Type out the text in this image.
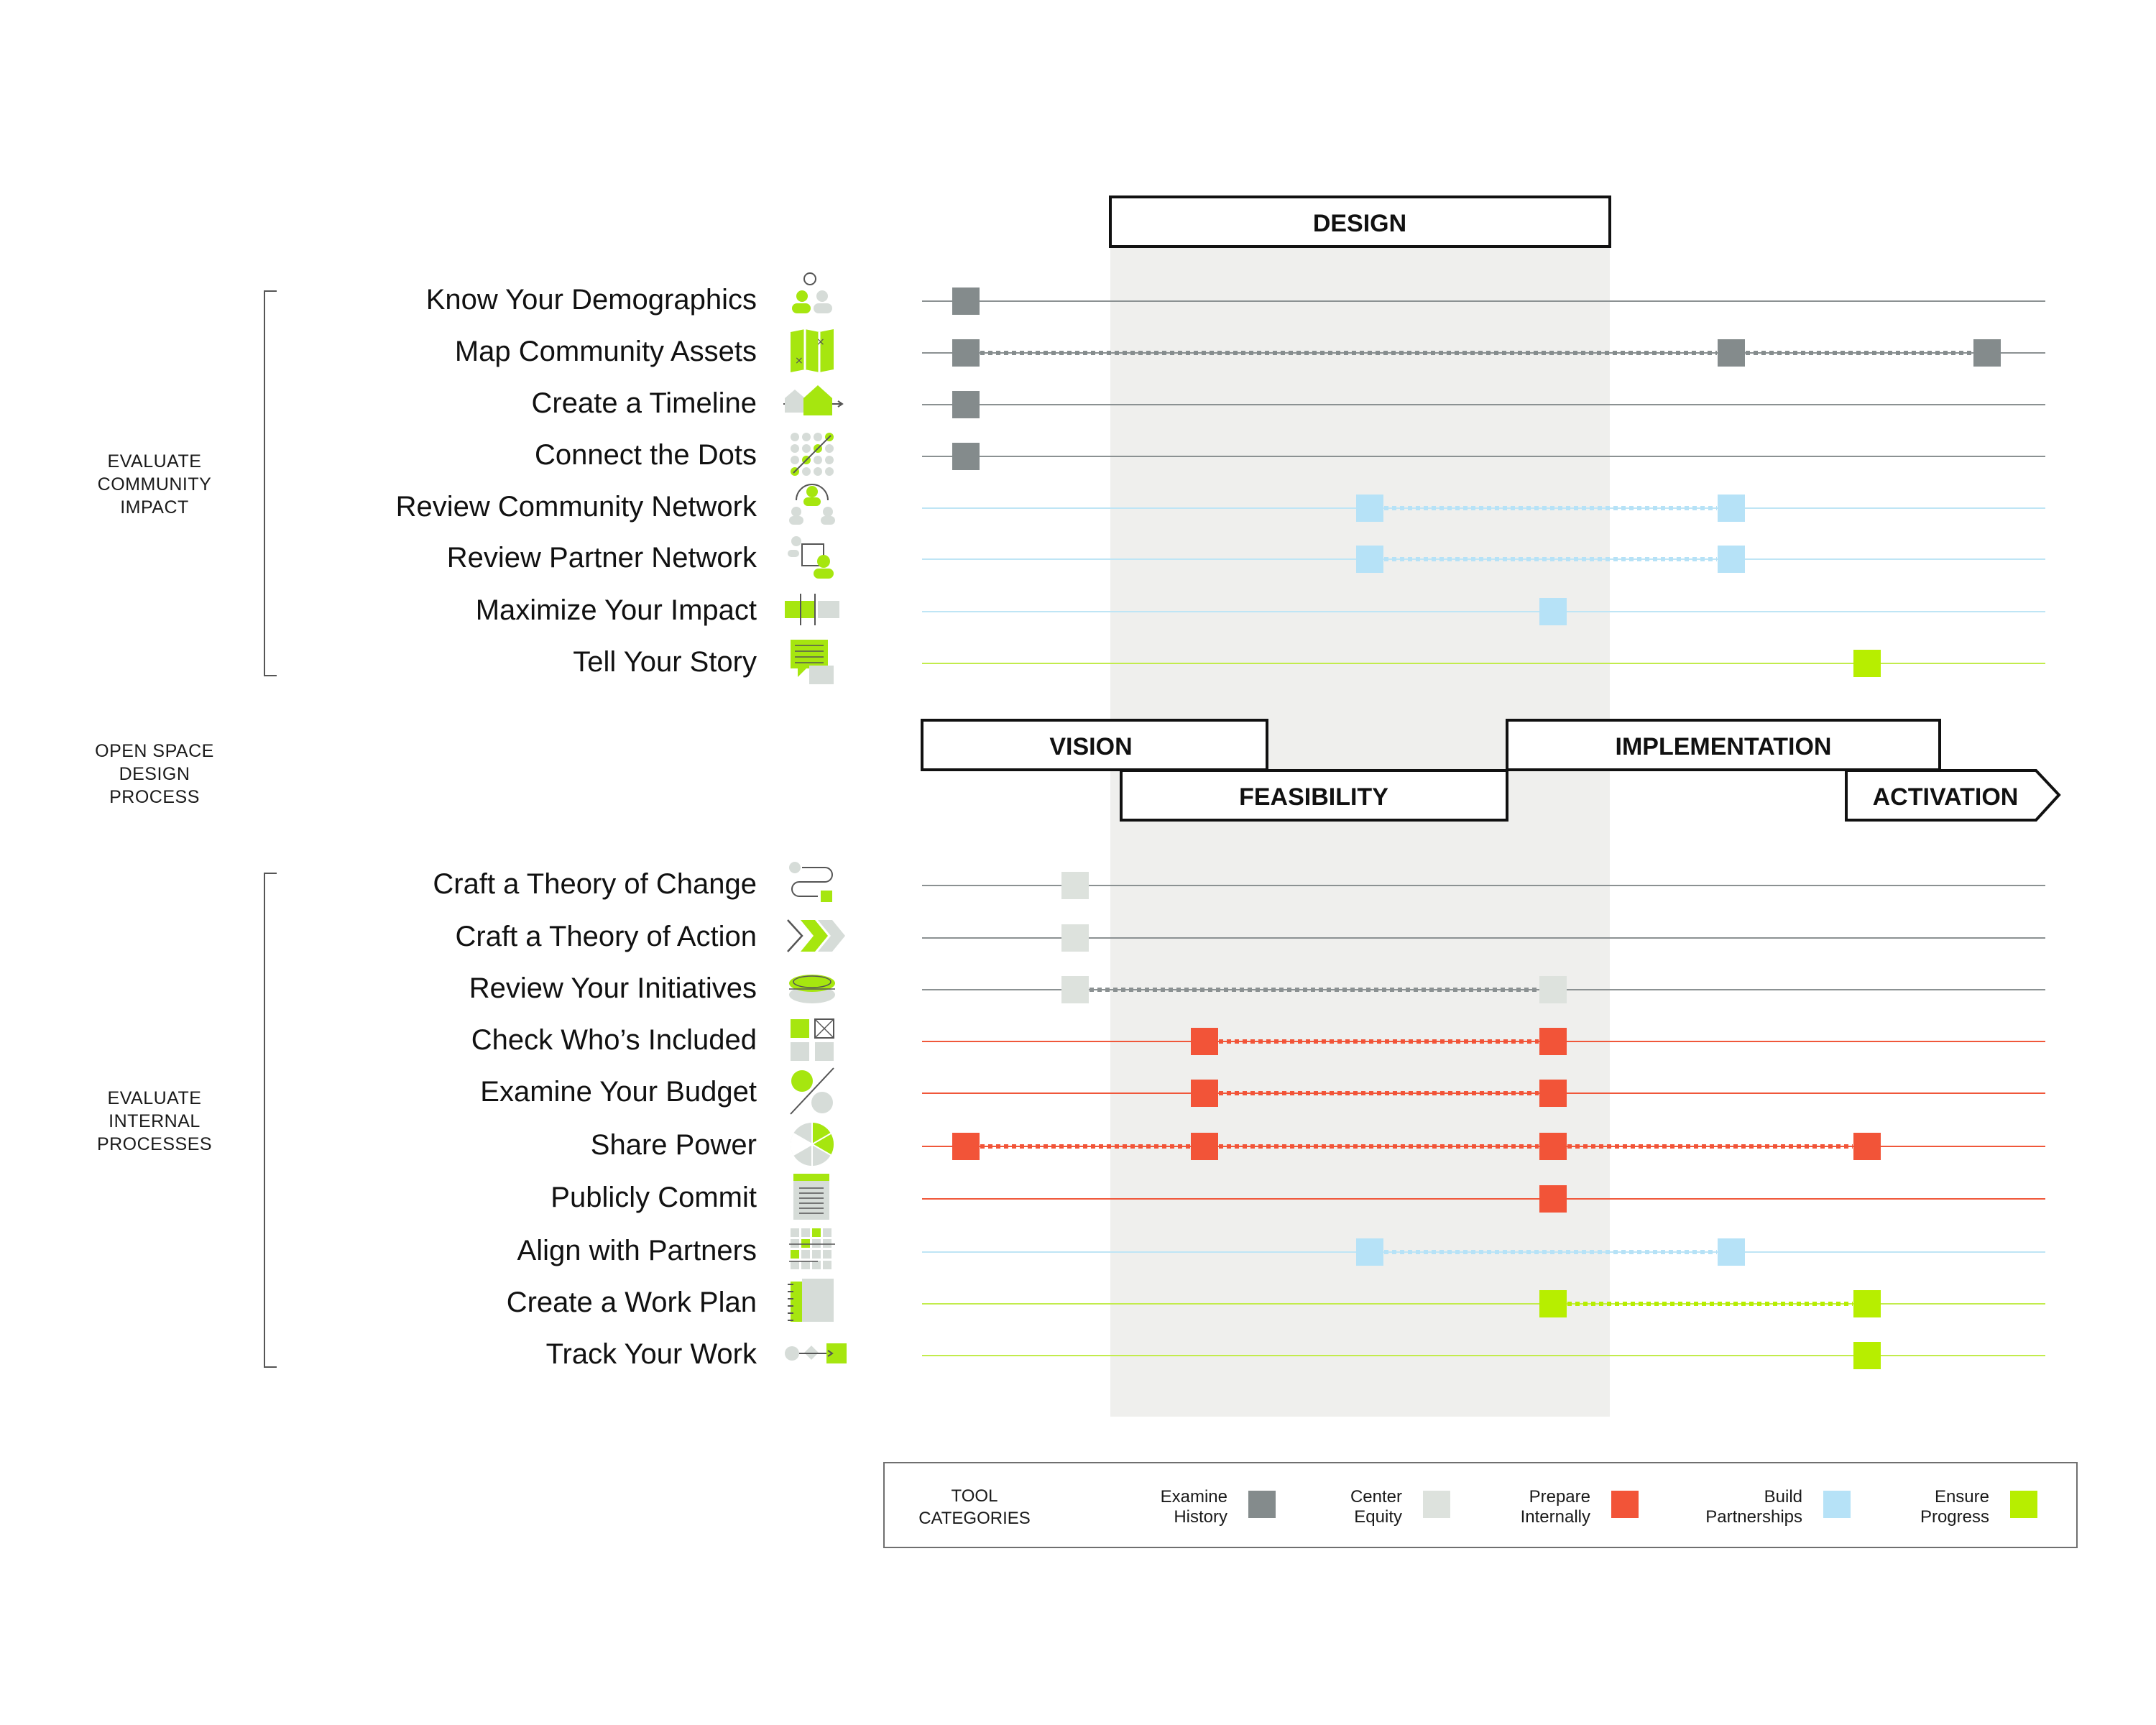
×
×
DESIGN
FEASIBILITY
VISION	IMPLEMENTATION
ACTIVATION
TOOL
CATEGORIES
Examine
History
Center
Equity
Prepare
Internally
Build
Partnerships
Ensure
Progress
EVALUATE
COMMUNITY
IMPACT
OPEN SPACE
DESIGN
PROCESS
EVALUATE
INTERNAL
PROCESSES
Know Your Demographics
Map Community Assets
Create a Timeline
Connect the Dots
Review Community Network
Review Partner Network
Maximize Your Impact
Tell Your Story
Craft a Theory of Change
Craft a Theory of Action
Review Your Initiatives
Check Who’s Included
Examine Your Budget
Share Power
Publicly Commit
Align with Partners
Create a Work Plan
Track Your Work
